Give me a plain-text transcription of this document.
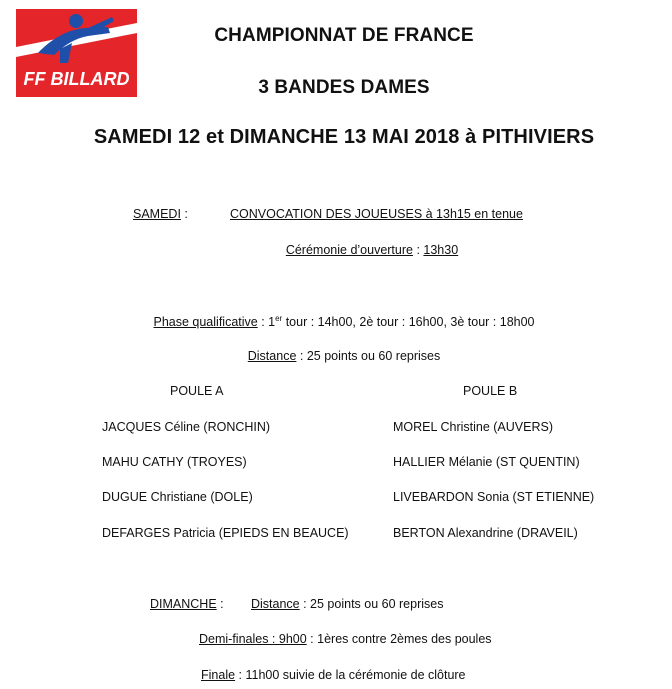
FF BILLARD
CHAMPIONNAT DE FRANCE
3 BANDES DAMES
SAMEDI 12 et DIMANCHE 13 MAI 2018 à PITHIVIERS
SAMEDI :	CONVOCATION DES JOUEUSES à 13h15 en tenue
Cérémonie d’ouverture : 13h30
Phase qualificative : 1er tour : 14h00, 2è tour : 16h00, 3è tour : 18h00
Distance : 25 points ou 60 reprises
POULE A	POULE B
JACQUES Céline (RONCHIN)
MAHU CATHY (TROYES)
DUGUE Christiane (DOLE)
DEFARGES Patricia (EPIEDS EN BEAUCE)
MOREL Christine (AUVERS)
HALLIER Mélanie (ST QUENTIN)
LIVEBARDON Sonia (ST ETIENNE)
BERTON Alexandrine (DRAVEIL)
DIMANCHE : Distance : 25 points ou 60 reprises
Demi-finales : 9h00 : 1ères contre 2èmes des poules
Finale : 11h00 suivie de la cérémonie de clôture
